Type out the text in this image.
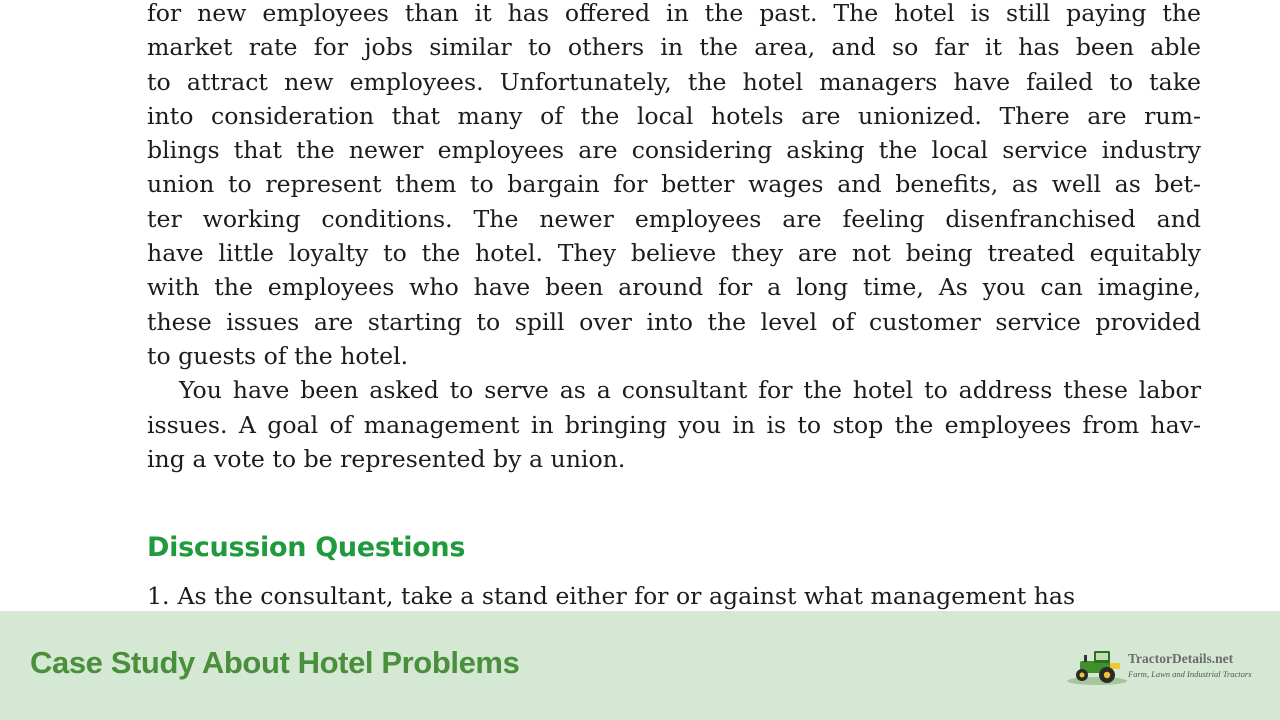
for new employees than it has offered in the past. The hotel is still paying the
market rate for jobs similar to others in the area, and so far it has been able
to attract new employees. Unfortunately, the hotel managers have failed to take
into consideration that many of the local hotels are unionized. There are rum-
blings that the newer employees are considering asking the local service industry
union to represent them to bargain for better wages and benefits, as well as bet-
ter working conditions. The newer employees are feeling disenfranchised and
have little loyalty to the hotel. They believe they are not being treated equitably
with the employees who have been around for a long time, As you can imagine,
these issues are starting to spill over into the level of customer service provided
to guests of the hotel.
You have been asked to serve as a consultant for the hotel to address these labor
issues. A goal of management in bringing you in is to stop the employees from hav-
ing a vote to be represented by a union.
Discussion Questions
1. As the consultant, take a stand either for or against what management has
Case Study About Hotel Problems	TractorDetails.net
Farm, Lawn and Industrial Tractors
